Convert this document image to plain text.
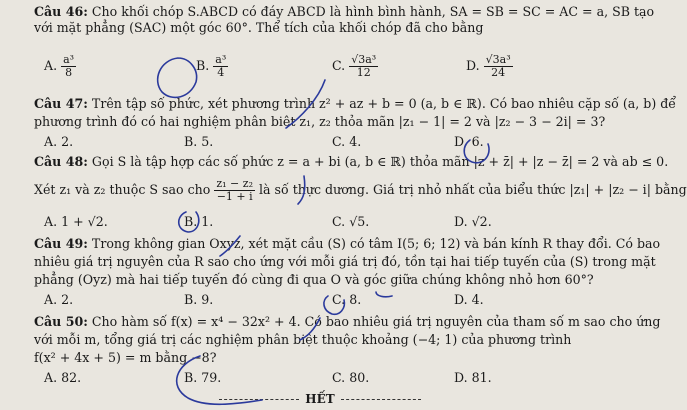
Câu 46: Cho khối chóp S.ABCD có đáy ABCD là hình bình hành, SA = SB = SC = AC = a, SB tạo
với mặt phẳng (SAC) một góc 60°. Thể tích của khối chóp đã cho bằng
A. $\frac{\text{a³}}{8}$	B. $\frac{\text{a³}}{4}$	C. $\frac{\text{√3a³}}{12}$	D. $\frac{\text{√3a³}}{24}$
Câu 47: Trên tập số phức, xét phương trình z² + az + b = 0 (a, b ∈ ℝ). Có bao nhiêu cặp số (a, b) để
phương trình đó có hai nghiệm phân biệt z₁, z₂ thỏa mãn |z₁ − 1| = 2 và |z₂ − 3 − 2i| = 3?
A. 2.	B. 5.	C. 4.	D. 6.
Câu 48: Gọi S là tập hợp các số phức z = a + bi (a, b ∈ ℝ) thỏa mãn |z + z̄| + |z − z̄| = 2 và ab ≤ 0.
Xét z₁ và z₂ thuộc S sao cho $\frac{\text{z₁ − z₂}}{-1 + i}$ là số thực dương. Giá trị nhỏ nhất của biểu thức |z₁| + |z₂ − i| bằng
A. 1 + √2.	B. 1.	C. √5.	D. √2.
Câu 49: Trong không gian Oxyz, xét mặt cầu (S) có tâm I(5; 6; 12) và bán kính R thay đổi. Có bao
nhiêu giá trị nguyên của R sao cho ứng với mỗi giá trị đó, tồn tại hai tiếp tuyến của (S) trong mặt
phẳng (Oyz) mà hai tiếp tuyến đó cùng đi qua O và góc giữa chúng không nhỏ hơn 60°?
A. 2.	B. 9.	C. 8.	D. 4.
Câu 50: Cho hàm số f(x) = x⁴ − 32x² + 4. Có bao nhiêu giá trị nguyên của tham số m sao cho ứng
với mỗi m, tổng giá trị các nghiệm phân biệt thuộc khoảng (−4; 1) của phương trình
f(x² + 4x + 5) = m bằng −8?
A. 82.	B. 79.	C. 80.	D. 81.
HẾT
